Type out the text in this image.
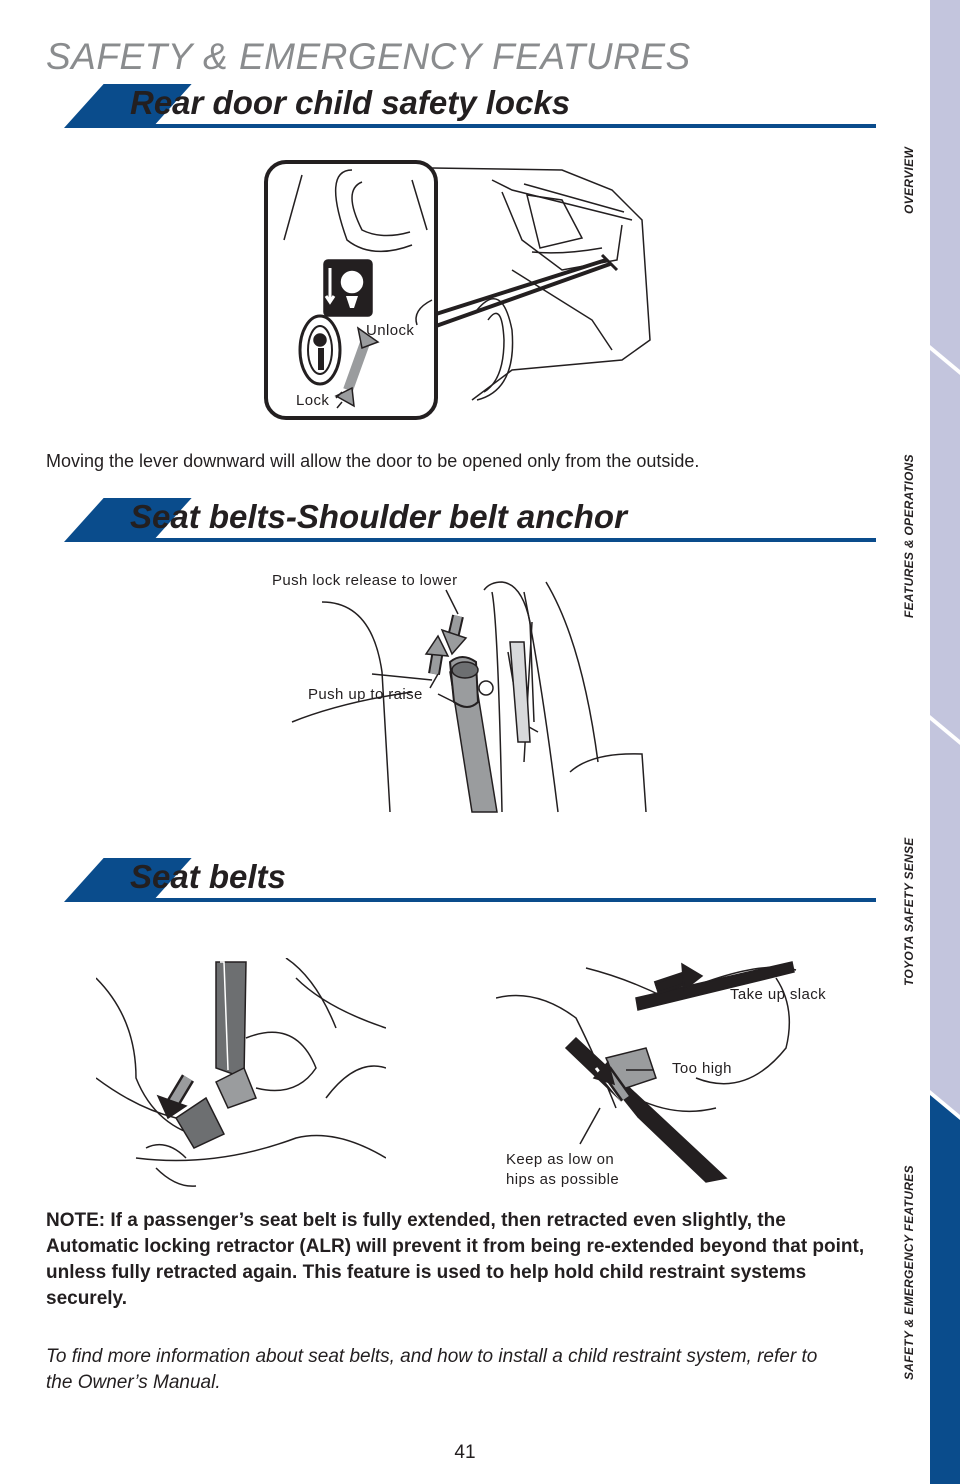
SAFETY & EMERGENCY FEATURES
Rear door child safety locks
Unlock
Lock

Moving the lever downward will allow the door to be opened only from the outside.

Seat belts-Shoulder belt anchor
Push lock release to lower
Push up to raise
Seat belts
Take up slack
Too high
Keep as low on hips as possible

NOTE: If a passenger’s seat belt is fully extended, then retracted even slightly, the Automatic locking retractor (ALR) will prevent it from being re-extended beyond that point, unless fully retracted again. This feature is used to help hold child restraint systems securely.

To find more information about seat belts, and how to install a child restraint system, refer to the Owner’s Manual.

41
OVERVIEW
FEATURES & OPERATIONS
TOYOTA SAFETY SENSE
SAFETY & EMERGENCY FEATURES
